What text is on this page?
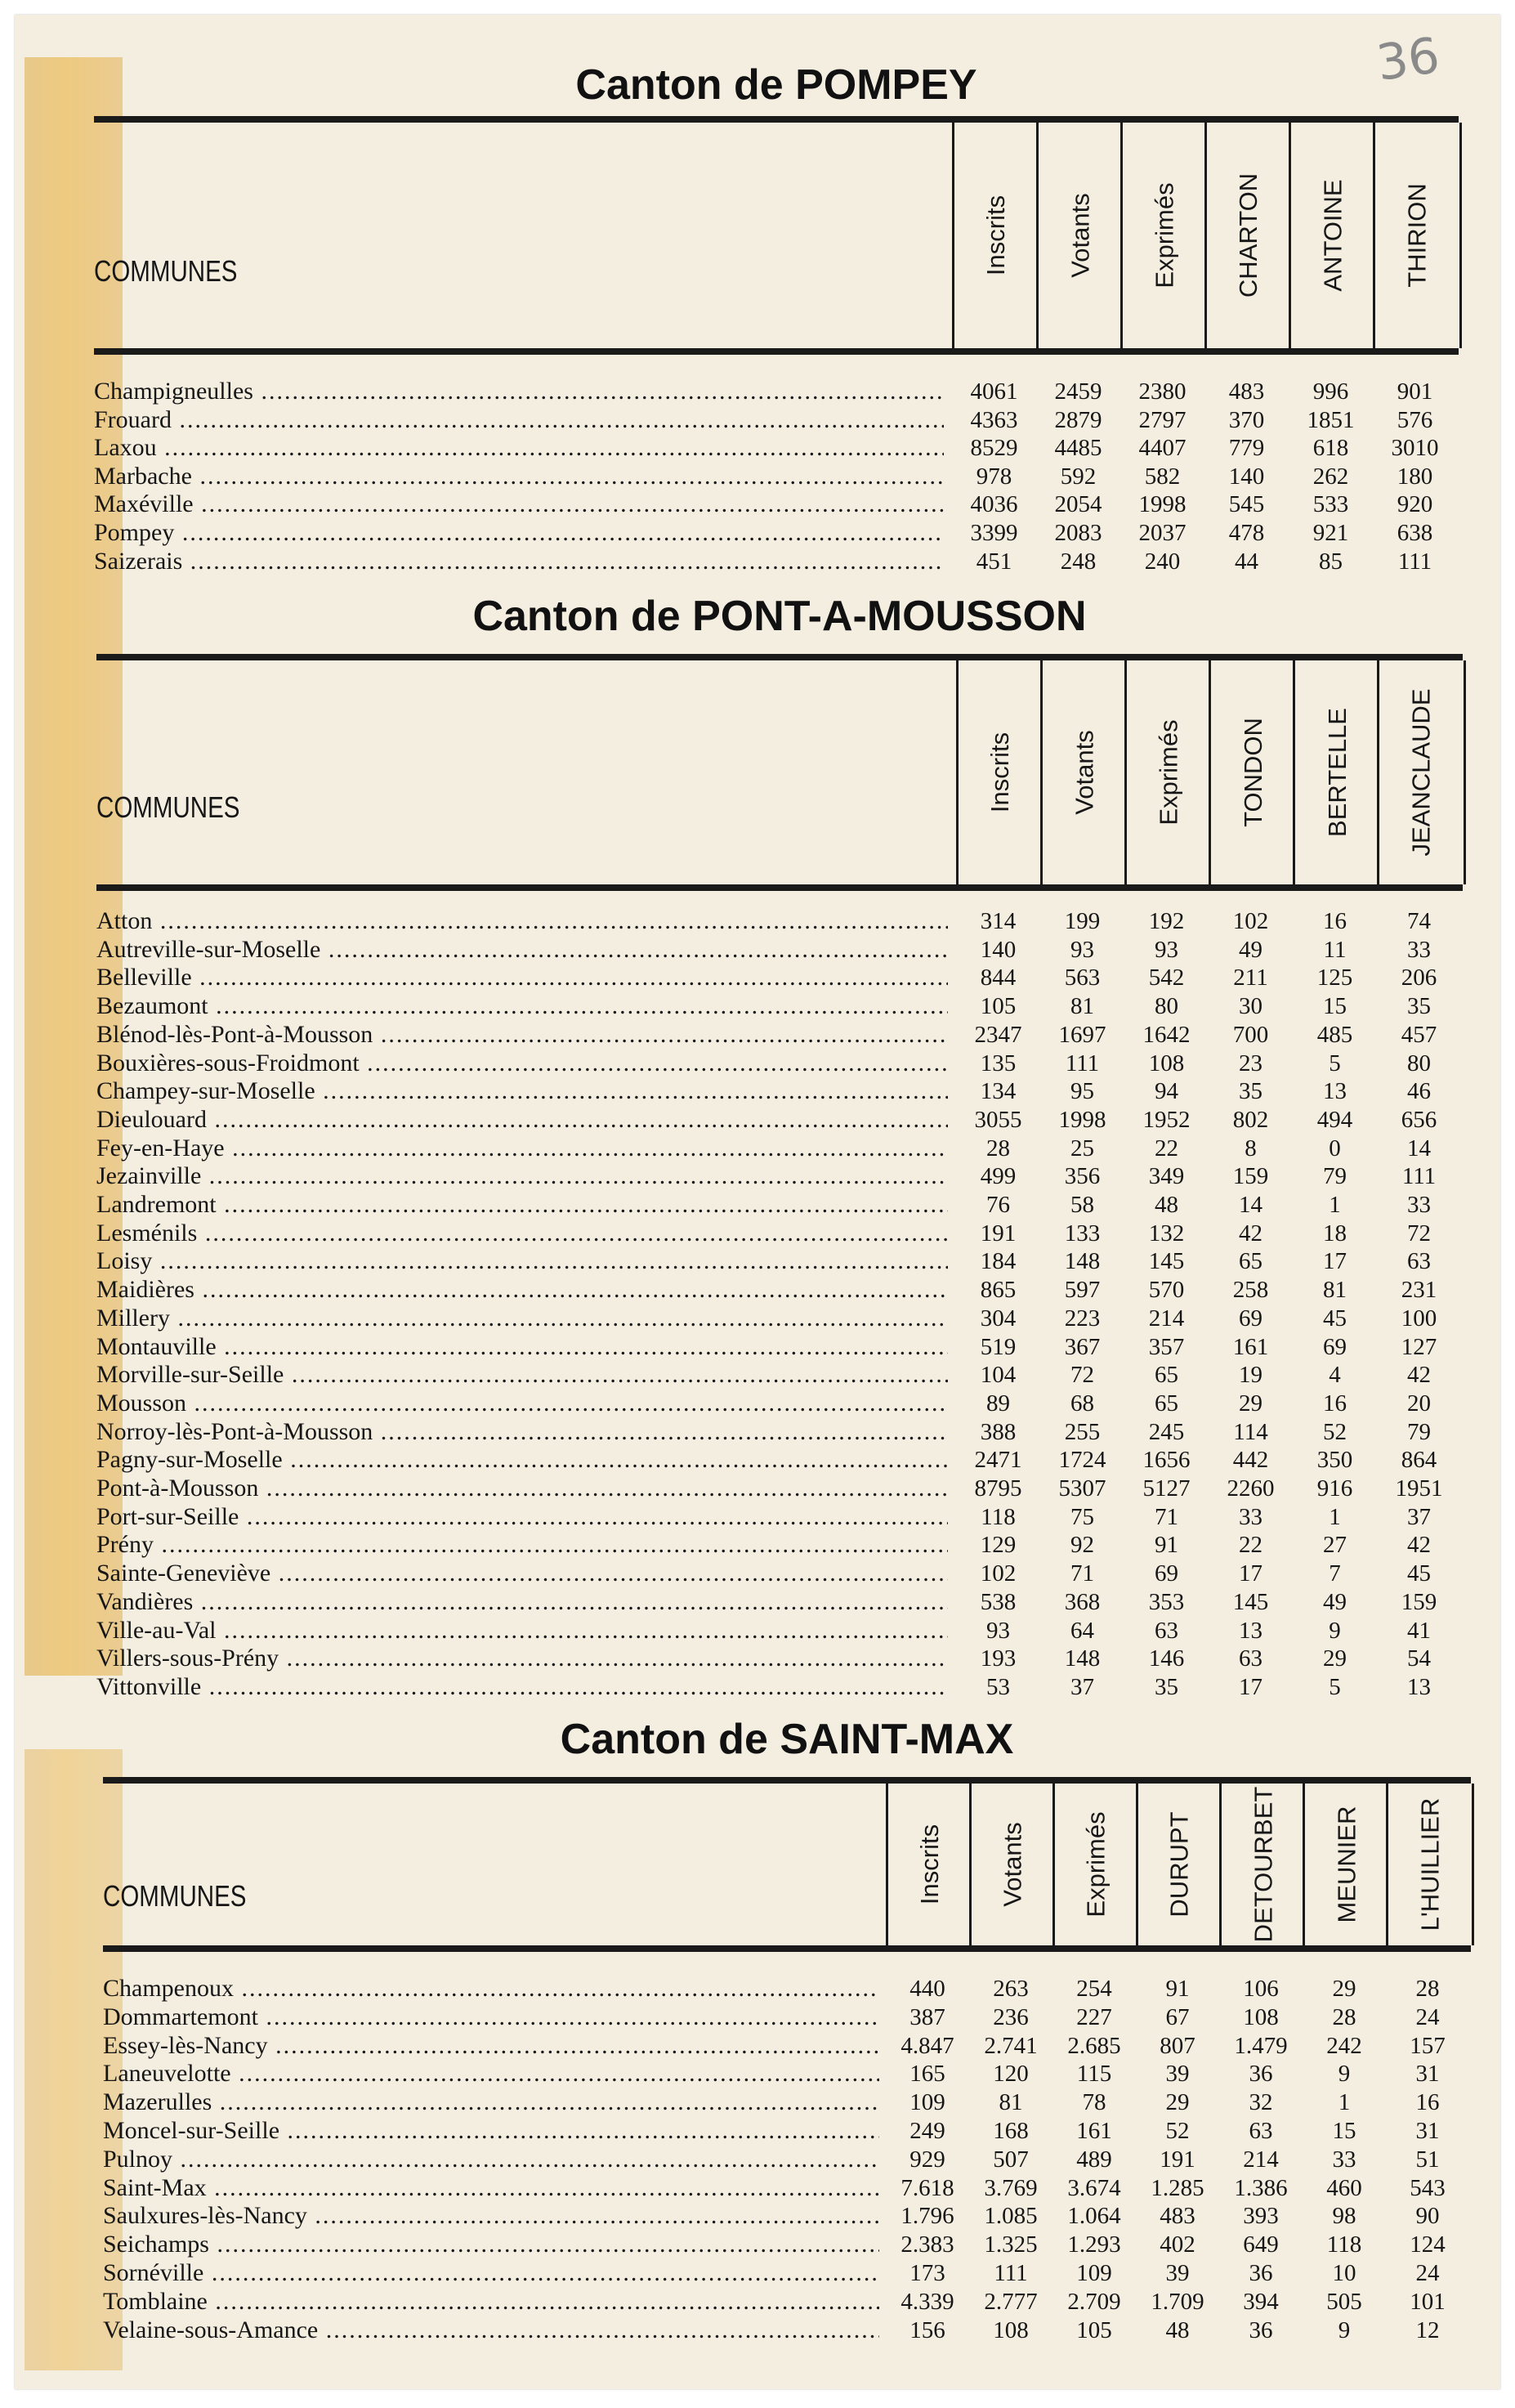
36
Canton de POMPEY
COMMUNES	Inscrits Votants Exprimés CHARTON ANTOINE THIRION
Champigneulles .....	4061	2459	2380	483	996	901
Frouard .....	4363	2879	2797	370	1851	576
Laxou .....	8529	4485	4407	779	618	3010
Marbache .....	978	592	582	140	262	180
Maxéville .....	4036	2054	1998	545	533	920
Pompey .....	3399	2083	2037	478	921	638
Saizerais .....	451	248	240	44	85	111
Canton de PONT-A-MOUSSON
COMMUNES	Inscrits Votants Exprimés TONDON BERTELLE JEANCLAUDE
Atton .....	314	199	192	102	16	74
Autreville-sur-Moselle .....	140	93	93	49	11	33
Belleville .....	844	563	542	211	125	206
Bezaumont .....	105	81	80	30	15	35
Blénod-lès-Pont-à-Mousson .....	2347	1697	1642	700	485	457
Bouxières-sous-Froidmont .....	135	111	108	23	5	80
Champey-sur-Moselle .....	134	95	94	35	13	46
Dieulouard .....	3055	1998	1952	802	494	656
Fey-en-Haye .....	28	25	22	8	0	14
Jezainville .....	499	356	349	159	79	111
Landremont .....	76	58	48	14	1	33
Lesménils .....	191	133	132	42	18	72
Loisy .....	184	148	145	65	17	63
Maidières .....	865	597	570	258	81	231
Millery .....	304	223	214	69	45	100
Montauville .....	519	367	357	161	69	127
Morville-sur-Seille .....	104	72	65	19	4	42
Mousson .....	89	68	65	29	16	20
Norroy-lès-Pont-à-Mousson .....	388	255	245	114	52	79
Pagny-sur-Moselle .....	2471	1724	1656	442	350	864
Pont-à-Mousson .....	8795	5307	5127	2260	916	1951
Port-sur-Seille .....	118	75	71	33	1	37
Prény .....	129	92	91	22	27	42
Sainte-Geneviève .....	102	71	69	17	7	45
Vandières .....	538	368	353	145	49	159
Ville-au-Val .....	93	64	63	13	9	41
Villers-sous-Prény .....	193	148	146	63	29	54
Vittonville .....	53	37	35	17	5	13
Canton de SAINT-MAX
COMMUNES	Inscrits Votants Exprimés DURUPT DETOURBET MEUNIER L'HUILLIER
Champenoux .....	440	263	254	91	106	29	28
Dommartemont .....	387	236	227	67	108	28	24
Essey-lès-Nancy .....	4.847	2.741	2.685	807	1.479	242	157
Laneuvelotte .....	165	120	115	39	36	9	31
Mazerulles .....	109	81	78	29	32	1	16
Moncel-sur-Seille .....	249	168	161	52	63	15	31
Pulnoy .....	929	507	489	191	214	33	51
Saint-Max .....	7.618	3.769	3.674	1.285	1.386	460	543
Saulxures-lès-Nancy .....	1.796	1.085	1.064	483	393	98	90
Seichamps .....	2.383	1.325	1.293	402	649	118	124
Sornéville .....	173	111	109	39	36	10	24
Tomblaine .....	4.339	2.777	2.709	1.709	394	505	101
Velaine-sous-Amance .....	156	108	105	48	36	9	12
